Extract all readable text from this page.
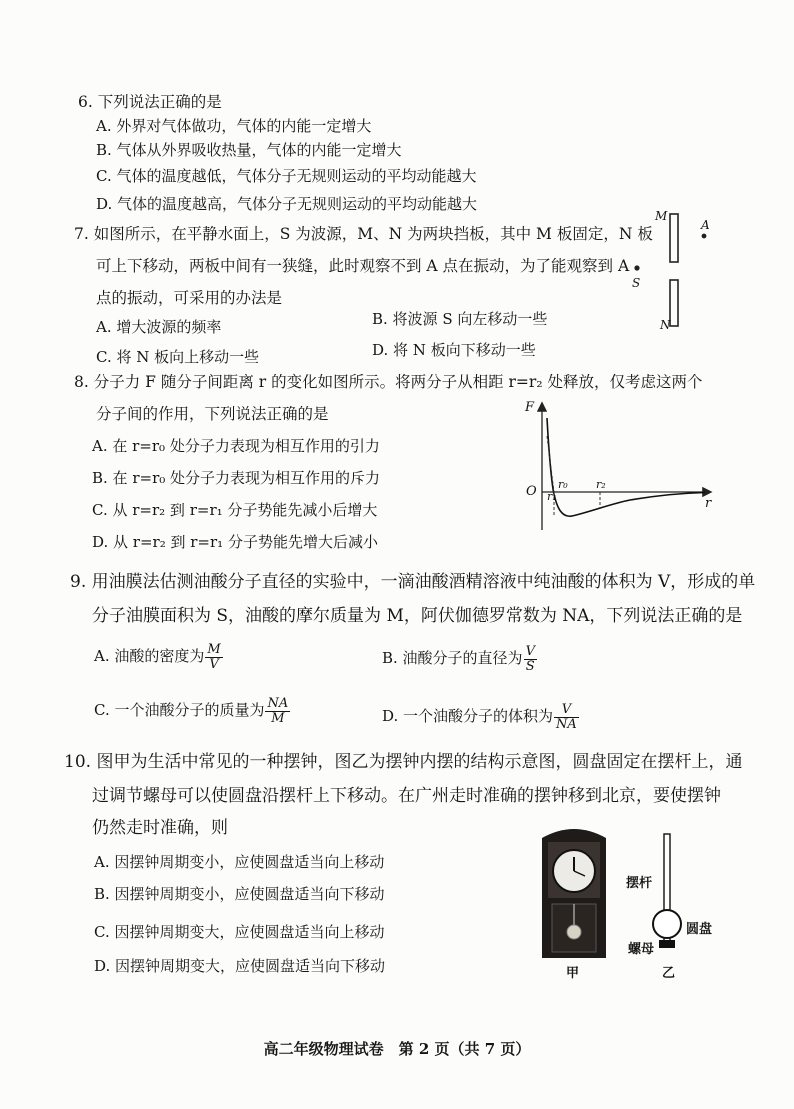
6. 下列说法正确的是
A. 外界对气体做功，气体的内能一定增大
B. 气体从外界吸收热量，气体的内能一定增大
C. 气体的温度越低，气体分子无规则运动的平均动能越大
D. 气体的温度越高，气体分子无规则运动的平均动能越大
7. 如图所示，在平静水面上，S 为波源，M、N 为两块挡板，其中 M 板固定，N 板
可上下移动，两板中间有一狭缝，此时观察不到 A 点在振动，为了能观察到 A
点的振动，可采用的办法是
A. 增大波源的频率	B. 将波源 S 向左移动一些
C. 将 N 板向上移动一些	D. 将 N 板向下移动一些
M
A
S
N
8. 分子力 F 随分子间距离 r 的变化如图所示。将两分子从相距 r=r₂ 处释放，仅考虑这两个
分子间的作用，下列说法正确的是
A. 在 r=r₀ 处分子力表现为相互作用的引力
B. 在 r=r₀ 处分子力表现为相互作用的斥力
C. 从 r=r₂ 到 r=r₁ 分子势能先减小后增大
D. 从 r=r₂ 到 r=r₁ 分子势能先增大后减小
F
O r₀
r₁
r₂
r
9. 用油膜法估测油酸分子直径的实验中，一滴油酸酒精溶液中纯油酸的体积为 V，形成的单
分子油膜面积为 S，油酸的摩尔质量为 M，阿伏伽德罗常数为 NA，下列说法正确的是
A. 油酸的密度为 $\frac{M}{V}$	B. 油酸分子的直径为 $\frac{V}{S}$
C. 一个油酸分子的质量为 $\frac{NA}{M}$	D. 一个油酸分子的体积为 $\frac{V}{NA}$
10. 图甲为生活中常见的一种摆钟，图乙为摆钟内摆的结构示意图，圆盘固定在摆杆上，通
过调节螺母可以使圆盘沿摆杆上下移动。在广州走时准确的摆钟移到北京，要使摆钟
仍然走时准确，则
A. 因摆钟周期变小，应使圆盘适当向上移动
B. 因摆钟周期变小，应使圆盘适当向下移动
C. 因摆钟周期变大，应使圆盘适当向上移动
D. 因摆钟周期变大，应使圆盘适当向下移动	甲
摆杆
圆盘
螺母
乙
高二年级物理试卷　第 2 页（共 7 页）
